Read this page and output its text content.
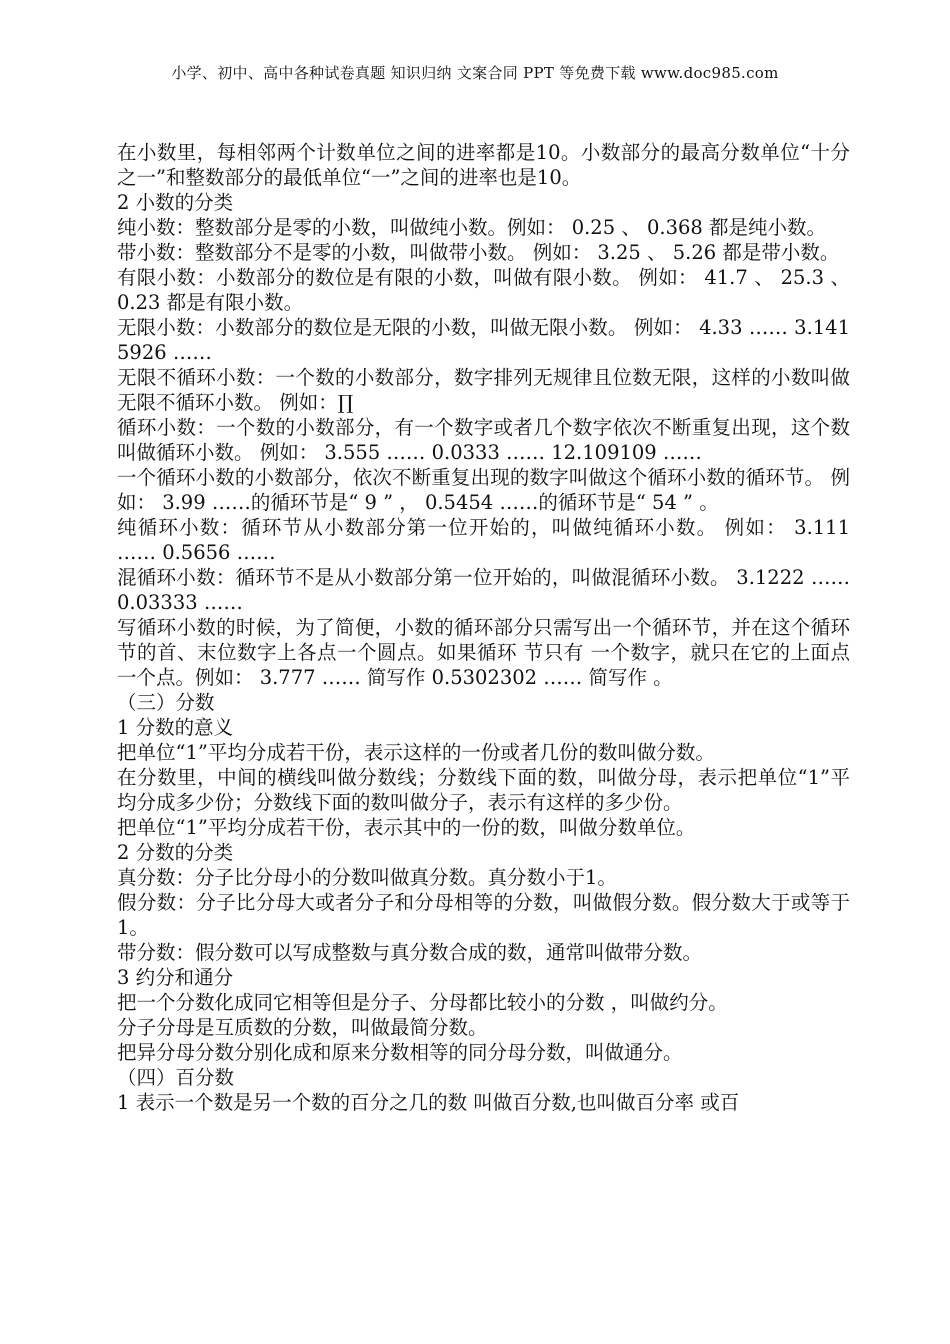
小学、初中、高中各种试卷真题 知识归纳 文案合同 PPT 等免费下载 www.doc985.com

在小数里，每相邻两个计数单位之间的进率都是10。小数部分的最高分数单位“十分之一”和整数部分的最低单位“一”之间的进率也是10。

2 小数的分类

纯小数：整数部分是零的小数，叫做纯小数。例如： 0.25 、 0.368 都是纯小数。

带小数：整数部分不是零的小数，叫做带小数。 例如： 3.25 、 5.26 都是带小数。

有限小数：小数部分的数位是有限的小数，叫做有限小数。 例如： 41.7 、 25.3 、 0.23 都是有限小数。

无限小数：小数部分的数位是无限的小数，叫做无限小数。 例如： 4.33 …… 3.1415926 ……

无限不循环小数：一个数的小数部分，数字排列无规律且位数无限，这样的小数叫做无限不循环小数。 例如：∏

循环小数：一个数的小数部分，有一个数字或者几个数字依次不断重复出现，这个数叫做循环小数。 例如： 3.555 …… 0.0333 …… 12.109109 ……

一个循环小数的小数部分，依次不断重复出现的数字叫做这个循环小数的循环节。 例如： 3.99 ……的循环节是“ 9 ” ， 0.5454 ……的循环节是“ 54 ” 。

纯循环小数：循环节从小数部分第一位开始的，叫做纯循环小数。 例如： 3.111 …… 0.5656 ……

混循环小数：循环节不是从小数部分第一位开始的，叫做混循环小数。 3.1222 …… 0.03333 ……

写循环小数的时候，为了简便，小数的循环部分只需写出一个循环节，并在这个循环节的首、末位数字上各点一个圆点。如果循环 节只有 一个数字，就只在它的上面点一个点。例如： 3.777 …… 简写作 0.5302302 …… 简写作 。

（三）分数

1 分数的意义

把单位“1”平均分成若干份，表示这样的一份或者几份的数叫做分数。

在分数里，中间的横线叫做分数线；分数线下面的数，叫做分母，表示把单位“1”平均分成多少份；分数线下面的数叫做分子，表示有这样的多少份。

把单位“1”平均分成若干份，表示其中的一份的数，叫做分数单位。

2 分数的分类

真分数：分子比分母小的分数叫做真分数。真分数小于1。

假分数：分子比分母大或者分子和分母相等的分数，叫做假分数。假分数大于或等于1。

带分数：假分数可以写成整数与真分数合成的数，通常叫做带分数。

3 约分和通分

把一个分数化成同它相等但是分子、分母都比较小的分数 ，叫做约分。

分子分母是互质数的分数，叫做最简分数。

把异分母分数分别化成和原来分数相等的同分母分数，叫做通分。

（四）百分数

1 表示一个数是另一个数的百分之几的数 叫做百分数,也叫做百分率 或百
